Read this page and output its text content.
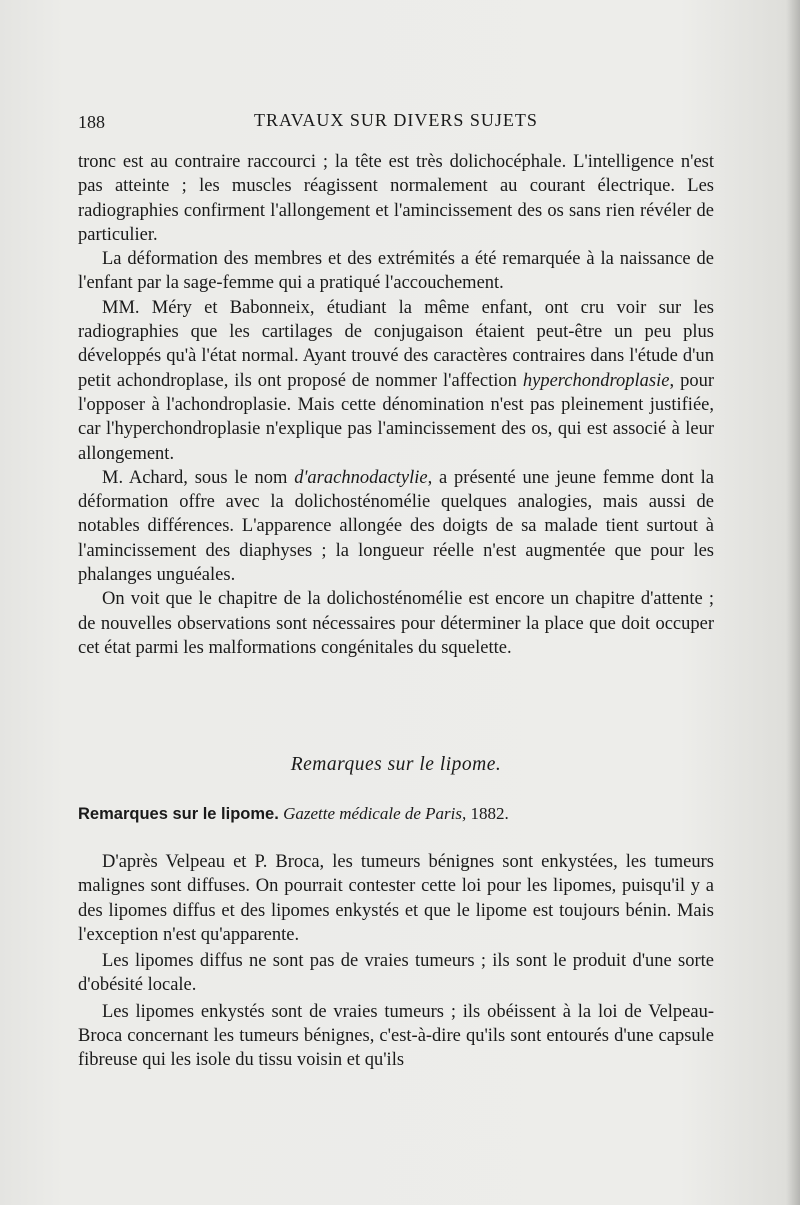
188	TRAVAUX SUR DIVERS SUJETS

tronc est au contraire raccourci ; la tête est très dolichocéphale. L'intelligence n'est pas atteinte ; les muscles réagissent normalement au courant électrique. Les radiographies confirment l'allongement et l'amincissement des os sans rien révéler de particulier.

La déformation des membres et des extrémités a été remarquée à la naissance de l'enfant par la sage-femme qui a pratiqué l'accouchement.

MM. Méry et Babonneix, étudiant la même enfant, ont cru voir sur les radiographies que les cartilages de conjugaison étaient peut-être un peu plus développés qu'à l'état normal. Ayant trouvé des caractères contraires dans l'étude d'un petit achondroplase, ils ont proposé de nommer l'affection hyperchondroplasie, pour l'opposer à l'achondroplasie. Mais cette dénomination n'est pas pleinement justifiée, car l'hyperchondroplasie n'explique pas l'amincissement des os, qui est associé à leur allongement.

M. Achard, sous le nom d'arachnodactylie, a présenté une jeune femme dont la déformation offre avec la dolichosténomélie quelques analogies, mais aussi de notables différences. L'apparence allongée des doigts de sa malade tient surtout à l'amincissement des diaphyses ; la longueur réelle n'est augmentée que pour les phalanges unguéales.

On voit que le chapitre de la dolichosténomélie est encore un chapitre d'attente ; de nouvelles observations sont nécessaires pour déterminer la place que doit occuper cet état parmi les malformations congénitales du squelette.

Remarques sur le lipome.
Remarques sur le lipome. Gazette médicale de Paris, 1882.

D'après Velpeau et P. Broca, les tumeurs bénignes sont enkystées, les tumeurs malignes sont diffuses. On pourrait contester cette loi pour les lipomes, puisqu'il y a des lipomes diffus et des lipomes enkystés et que le lipome est toujours bénin. Mais l'exception n'est qu'apparente.

Les lipomes diffus ne sont pas de vraies tumeurs ; ils sont le produit d'une sorte d'obésité locale.

Les lipomes enkystés sont de vraies tumeurs ; ils obéissent à la loi de Velpeau-Broca concernant les tumeurs bénignes, c'est-à-dire qu'ils sont entourés d'une capsule fibreuse qui les isole du tissu voisin et qu'ils
